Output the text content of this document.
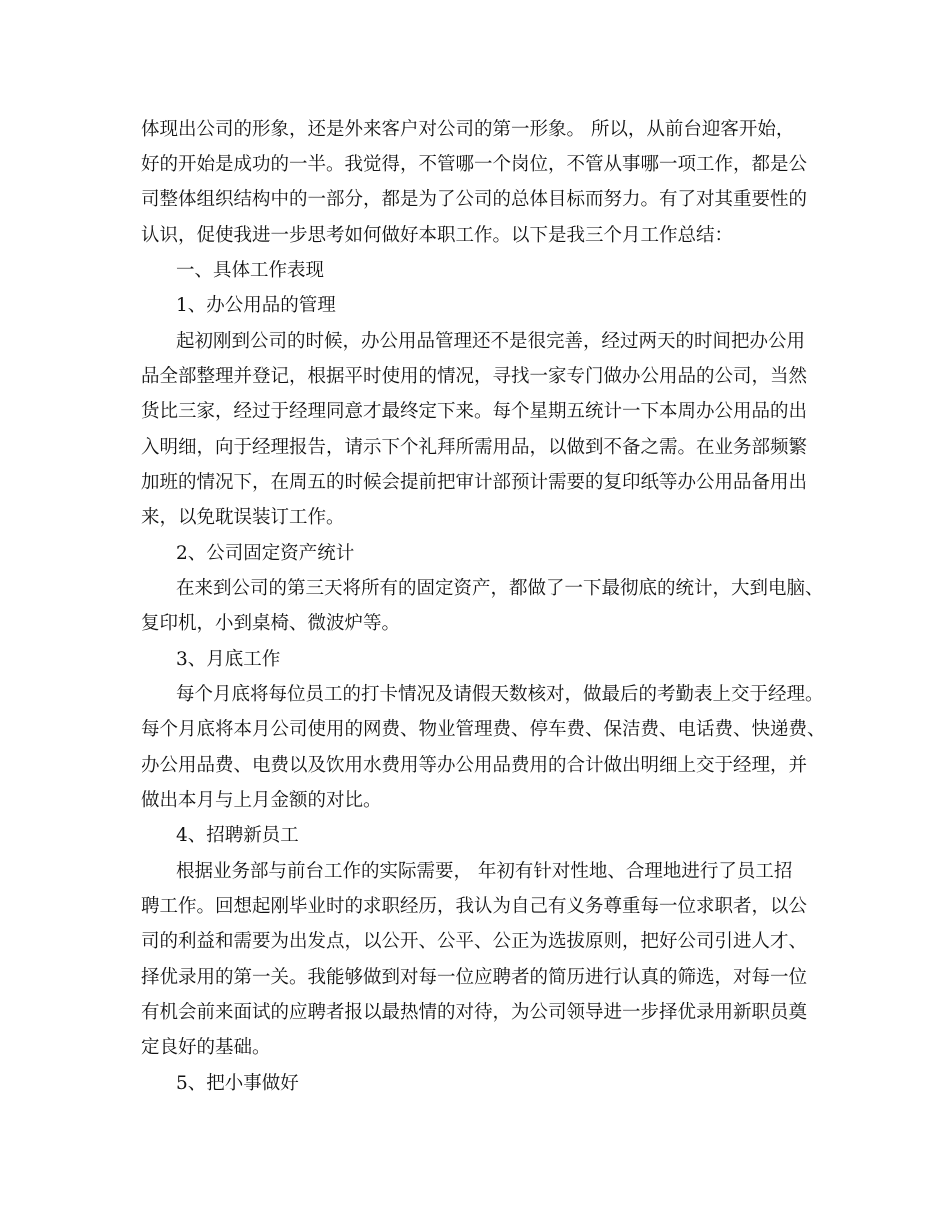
体现出公司的形象，还是外来客户对公司的第一形象。 所以，从前台迎客开始，

好的开始是成功的一半。我觉得，不管哪一个岗位，不管从事哪一项工作，都是公

司整体组织结构中的一部分，都是为了公司的总体目标而努力。有了对其重要性的

认识，促使我进一步思考如何做好本职工作。以下是我三个月工作总结：

一、具体工作表现

1、办公用品的管理

起初刚到公司的时候，办公用品管理还不是很完善，经过两天的时间把办公用

品全部整理并登记，根据平时使用的情况，寻找一家专门做办公用品的公司，当然

货比三家，经过于经理同意才最终定下来。每个星期五统计一下本周办公用品的出

入明细，向于经理报告，请示下个礼拜所需用品，以做到不备之需。在业务部频繁

加班的情况下，在周五的时候会提前把审计部预计需要的复印纸等办公用品备用出

来，以免耽误装订工作。

2、公司固定资产统计

在来到公司的第三天将所有的固定资产，都做了一下最彻底的统计，大到电脑、

复印机，小到桌椅、微波炉等。

3、月底工作

每个月底将每位员工的打卡情况及请假天数核对，做最后的考勤表上交于经理。

每个月底将本月公司使用的网费、物业管理费、停车费、保洁费、电话费、快递费、

办公用品费、电费以及饮用水费用等办公用品费用的合计做出明细上交于经理，并

做出本月与上月金额的对比。

4、招聘新员工

根据业务部与前台工作的实际需要， 年初有针对性地、合理地进行了员工招

聘工作。回想起刚毕业时的求职经历，我认为自己有义务尊重每一位求职者，以公

司的利益和需要为出发点，以公开、公平、公正为选拔原则，把好公司引进人才、

择优录用的第一关。我能够做到对每一位应聘者的简历进行认真的筛选，对每一位

有机会前来面试的应聘者报以最热情的对待，为公司领导进一步择优录用新职员奠

定良好的基础。

5、把小事做好
